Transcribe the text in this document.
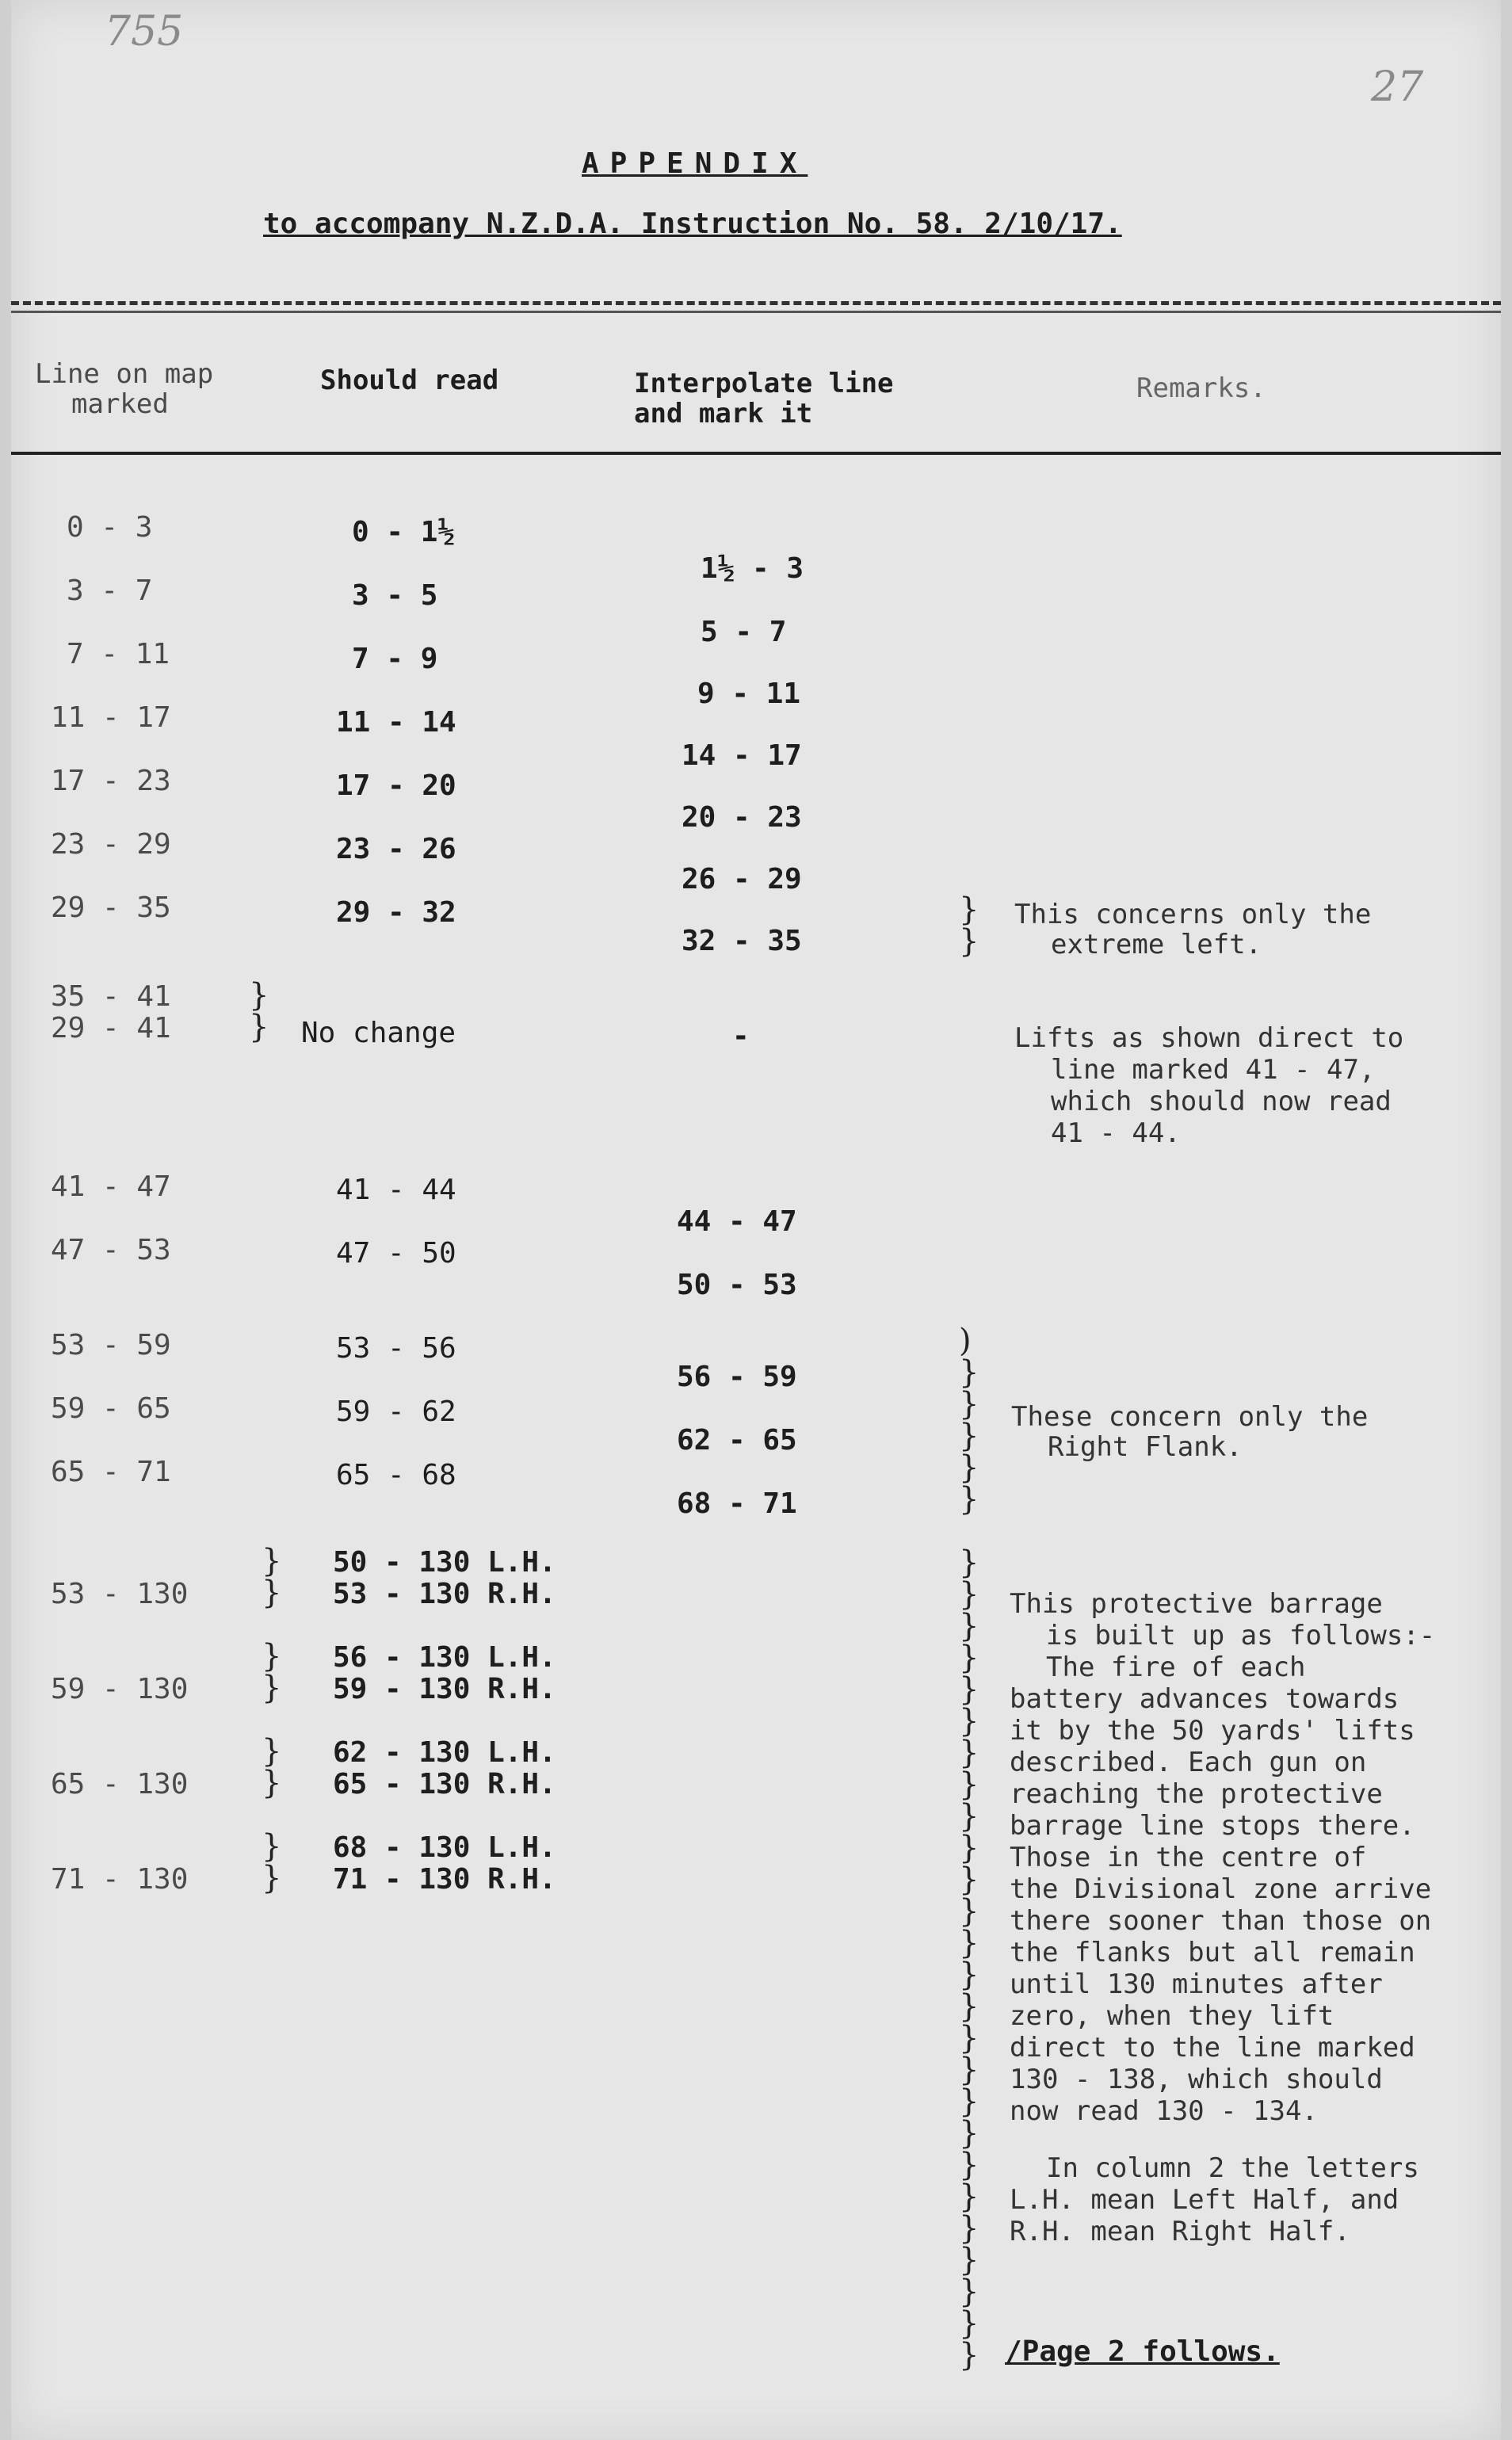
755
27
APPENDIX
to accompany N.Z.D.A. Instruction No. 58. 2/10/17.
Line on map
marked
Should read	Interpolate line
and mark it
Remarks.
0 - 3
3 - 7
7 - 11
11 - 17
17 - 23
23 - 29
29 - 35
35 - 41
29 - 41
}
}
41 - 47
47 - 53
53 - 59
59 - 65
65 - 71
53 - 130
59 - 130
65 - 130
71 - 130
}
}
}
}
}
}
}
}
0 - 1½
3 - 5
7 - 9
11 - 14
17 - 20
23 - 26
29 - 32
No change
41 - 44
47 - 50
53 - 56
59 - 62
65 - 68
50 - 130 L.H.
53 - 130 R.H.
56 - 130 L.H.
59 - 130 R.H.
62 - 130 L.H.
65 - 130 R.H.
68 - 130 L.H.
71 - 130 R.H.
1½ - 3
5 - 7
9 - 11
14 - 17
20 - 23
26 - 29
32 - 35
-
44 - 47
50 - 53
56 - 59
62 - 65
68 - 71
}
}
)
}
}
}
}
}
}
}
}
}
}
}
}
}
}
}
}
}
}
}
}
}
}
}
}
}
}
}
}
}
}
}
This concerns only the
extreme left.
Lifts as shown direct to
line marked 41 - 47,
which should now read
41 - 44.
These concern only the
Right Flank.
This protective barrage
is built up as follows:-
The fire of each
battery advances towards
it by the 50 yards' lifts
described. Each gun on
reaching the protective
barrage line stops there.
Those in the centre of
the Divisional zone arrive
there sooner than those on
the flanks but all remain
until 130 minutes after
zero, when they lift
direct to the line marked
130 - 138, which should
now read 130 - 134.
In column 2 the letters
L.H. mean Left Half, and
R.H. mean Right Half.
/Page 2 follows.
